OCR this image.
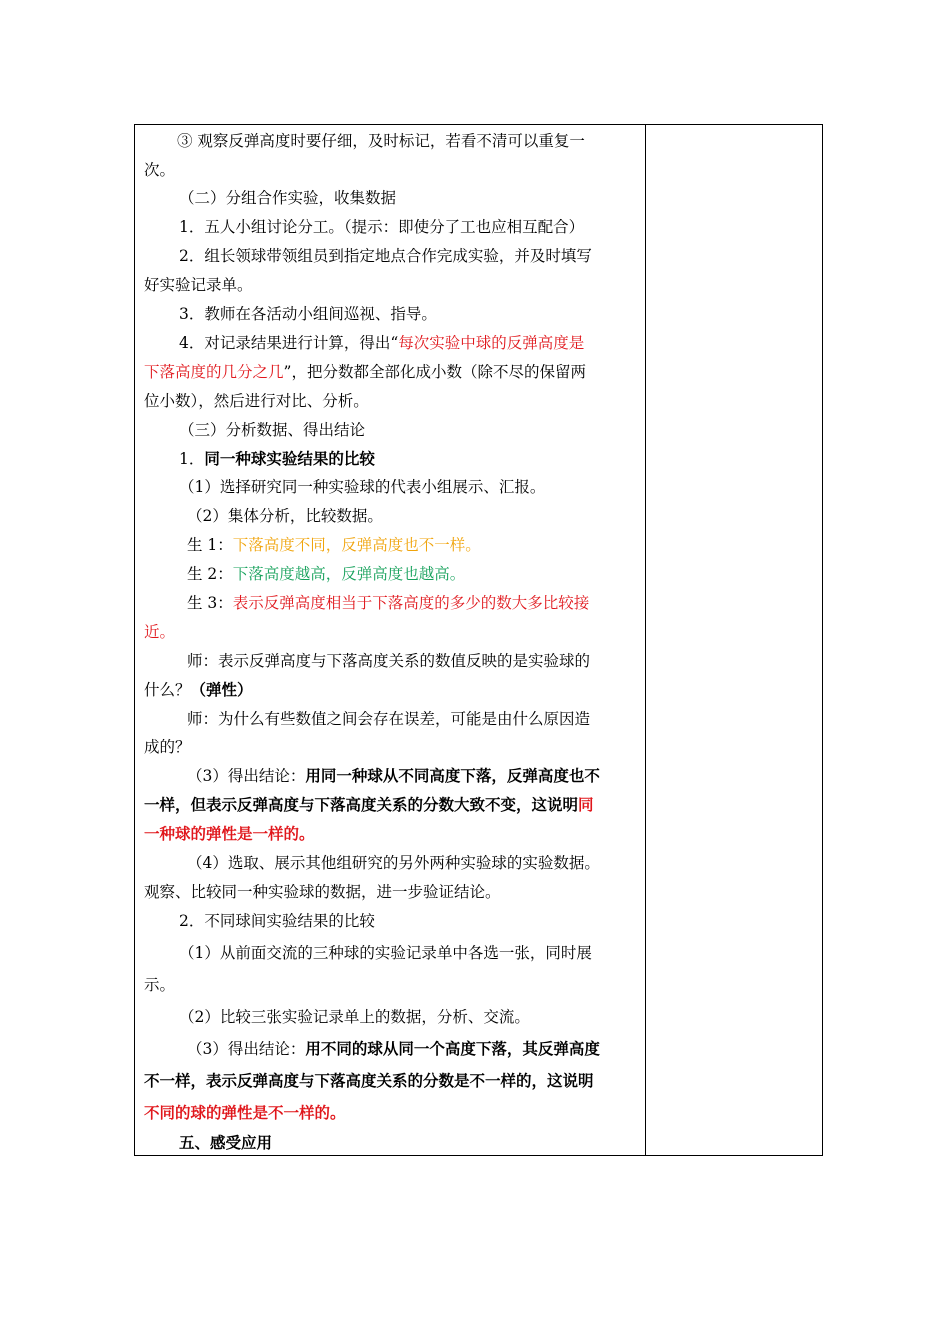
③ 观察反弹高度时要仔细，及时标记，若看不清可以重复一
次。
（二）分组合作实验，收集数据
1．五人小组讨论分工。（提示：即使分了工也应相互配合）
2．组长领球带领组员到指定地点合作完成实验，并及时填写
好实验记录单。
3．教师在各活动小组间巡视、指导。
4．对记录结果进行计算，得出“每次实验中球的反弹高度是
下落高度的几分之几”，把分数都全部化成小数（除不尽的保留两
位小数），然后进行对比、分析。
（三）分析数据、得出结论
1．同一种球实验结果的比较
（1）选择研究同一种实验球的代表小组展示、汇报。
（2）集体分析，比较数据。
生 1：下落高度不同，反弹高度也不一样。
生 2：下落高度越高，反弹高度也越高。
生 3：表示反弹高度相当于下落高度的多少的数大多比较接
近。
师：表示反弹高度与下落高度关系的数值反映的是实验球的
什么？（弹性）
师：为什么有些数值之间会存在误差，可能是由什么原因造
成的？
（3）得出结论：用同一种球从不同高度下落，反弹高度也不
一样，但表示反弹高度与下落高度关系的分数大致不变，这说明同
一种球的弹性是一样的。
（4）选取、展示其他组研究的另外两种实验球的实验数据。
观察、比较同一种实验球的数据，进一步验证结论。
2．不同球间实验结果的比较
（1）从前面交流的三种球的实验记录单中各选一张，同时展
示。
（2）比较三张实验记录单上的数据，分析、交流。
（3）得出结论：用不同的球从同一个高度下落，其反弹高度
不一样，表示反弹高度与下落高度关系的分数是不一样的，这说明
不同的球的弹性是不一样的。
五、感受应用
